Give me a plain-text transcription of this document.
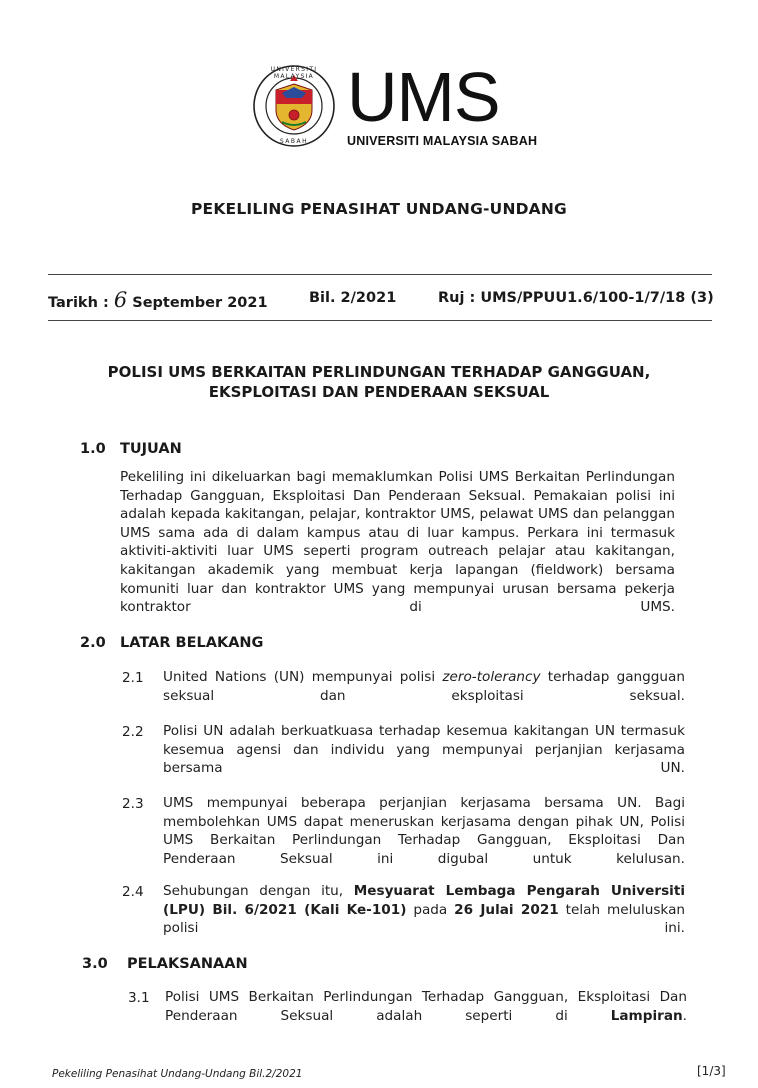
UNIVERSITI MALAYSIA
SABAH
UMS
UNIVERSITI MALAYSIA SABAH
PEKELILING PENASIHAT UNDANG-UNDANG
Tarikh : 6 September 2021	Bil. 2/2021	Ruj : UMS/PPUU1.6/100-1/7/18 (3)
POLISI UMS BERKAITAN PERLINDUNGAN TERHADAP GANGGUAN,
EKSPLOITASI DAN PENDERAAN SEKSUAL
1.0 TUJUAN
Pekeliling ini dikeluarkan bagi memaklumkan Polisi UMS Berkaitan Perlindungan Terhadap Gangguan, Eksploitasi Dan Penderaan Seksual. Pemakaian polisi ini adalah kepada kakitangan, pelajar, kontraktor UMS, pelawat UMS dan pelanggan UMS sama ada di dalam kampus atau di luar kampus. Perkara ini termasuk aktiviti-aktiviti luar UMS seperti program outreach pelajar atau kakitangan, kakitangan akademik yang membuat kerja lapangan (fieldwork) bersama komuniti luar dan kontraktor UMS yang mempunyai urusan bersama pekerja kontraktor di UMS.
2.0 LATAR BELAKANG
2.1 United Nations (UN) mempunyai polisi zero-tolerancy terhadap gangguan seksual dan eksploitasi seksual.
2.2 Polisi UN adalah berkuatkuasa terhadap kesemua kakitangan UN termasuk kesemua agensi dan individu yang mempunyai perjanjian kerjasama bersama UN.
2.3 UMS mempunyai beberapa perjanjian kerjasama bersama UN. Bagi membolehkan UMS dapat meneruskan kerjasama dengan pihak UN, Polisi UMS Berkaitan Perlindungan Terhadap Gangguan, Eksploitasi Dan Penderaan Seksual ini digubal untuk kelulusan.
2.4 Sehubungan dengan itu, Mesyuarat Lembaga Pengarah Universiti (LPU) Bil. 6/2021 (Kali Ke-101) pada 26 Julai 2021 telah meluluskan polisi ini.
3.0 PELAKSANAAN
3.1 Polisi UMS Berkaitan Perlindungan Terhadap Gangguan, Eksploitasi Dan Penderaan Seksual adalah seperti di Lampiran.
Pekeliling Penasihat Undang-Undang Bil.2/2021	[1/3]
